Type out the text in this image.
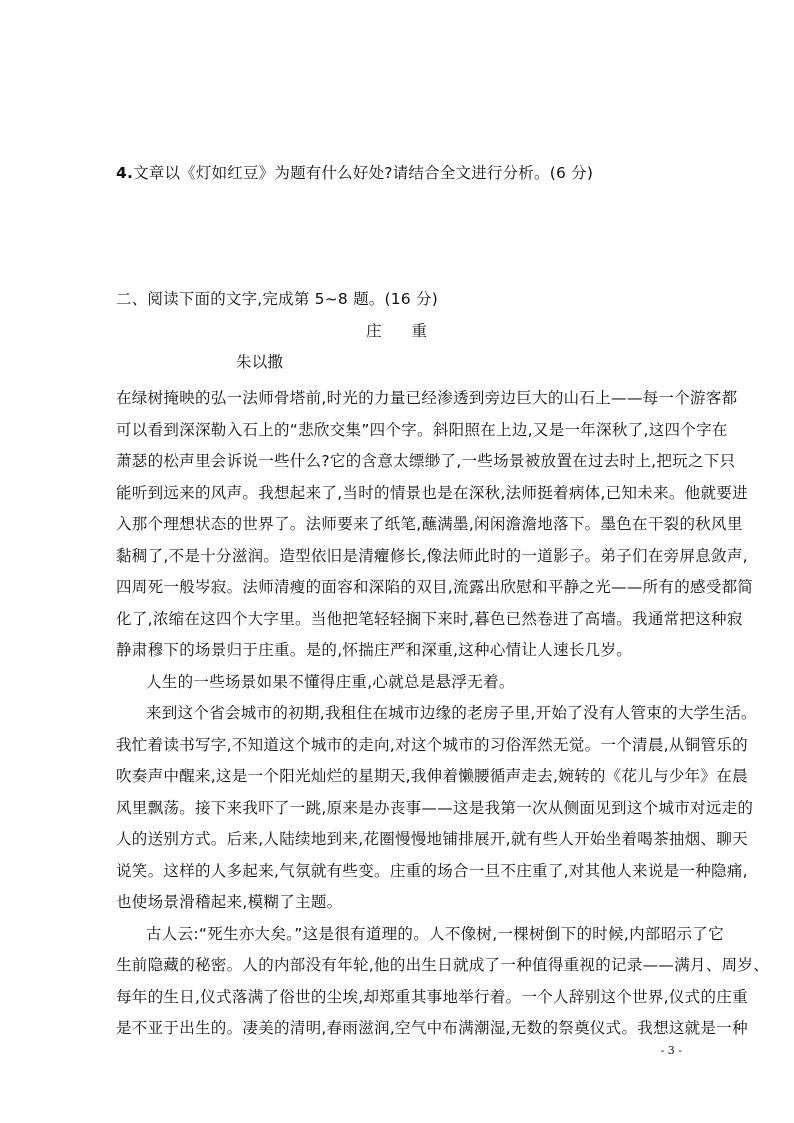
4.文章以《灯如红豆》为题有什么好处?请结合全文进行分析。(6 分)
二、阅读下面的文字,完成第 5~8 题。(16 分)
庄 重
朱以撒
在绿树掩映的弘一法师骨塔前,时光的力量已经渗透到旁边巨大的山石上——每一个游客都
可以看到深深勒入石上的“悲欣交集”四个字。斜阳照在上边,又是一年深秋了,这四个字在
萧瑟的松声里会诉说一些什么?它的含意太缥缈了,一些场景被放置在过去时上,把玩之下只
能听到远来的风声。我想起来了,当时的情景也是在深秋,法师挺着病体,已知未来。他就要进
入那个理想状态的世界了。法师要来了纸笔,蘸满墨,闲闲澹澹地落下。墨色在干裂的秋风里
黏稠了,不是十分滋润。造型依旧是清癯修长,像法师此时的一道影子。弟子们在旁屏息敛声,
四周死一般岑寂。法师清瘦的面容和深陷的双目,流露出欣慰和平静之光——所有的感受都简
化了,浓缩在这四个大字里。当他把笔轻轻搁下来时,暮色已然卷进了高墙。我通常把这种寂
静肃穆下的场景归于庄重。是的,怀揣庄严和深重,这种心情让人速长几岁。
人生的一些场景如果不懂得庄重,心就总是悬浮无着。
来到这个省会城市的初期,我租住在城市边缘的老房子里,开始了没有人管束的大学生活。
我忙着读书写字,不知道这个城市的走向,对这个城市的习俗浑然无觉。一个清晨,从铜管乐的
吹奏声中醒来,这是一个阳光灿烂的星期天,我伸着懒腰循声走去,婉转的《花儿与少年》在晨
风里飘荡。接下来我吓了一跳,原来是办丧事——这是我第一次从侧面见到这个城市对远走的
人的送别方式。后来,人陆续地到来,花圈慢慢地铺排展开,就有些人开始坐着喝茶抽烟、聊天
说笑。这样的人多起来,气氛就有些变。庄重的场合一旦不庄重了,对其他人来说是一种隐痛,
也使场景滑稽起来,模糊了主题。
古人云:“死生亦大矣。”这是很有道理的。人不像树,一棵树倒下的时候,内部昭示了它
生前隐藏的秘密。人的内部没有年轮,他的出生日就成了一种值得重视的记录——满月、周岁、
每年的生日,仪式落满了俗世的尘埃,却郑重其事地举行着。一个人辞别这个世界,仪式的庄重
是不亚于出生的。凄美的清明,春雨滋润,空气中布满潮湿,无数的祭奠仪式。我想这就是一种
- 3 -
